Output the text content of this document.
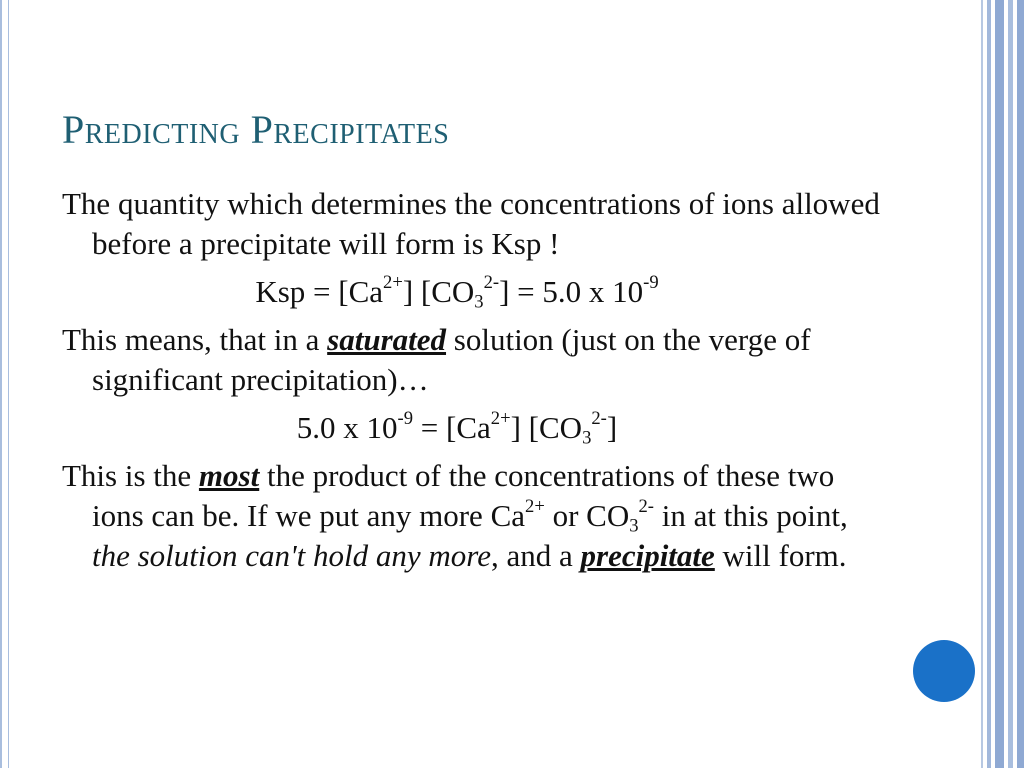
Predicting Precipitates

The quantity which determines the concentrations of ions allowed before a precipitate will form is Ksp !

Ksp = $[Ca^{2+}] [CO_3^{2-}] = 5.0$ x $10^{-9}$

This means, that in a saturated solution (just on the verge of significant precipitation)…

5.0 x $10^{-9} = [Ca^{2+}]$ $[CO_3^{2-}]$

This is the most the product of the concentrations of these two ions can be. If we put any more $Ca^{2+}$ or $CO_3^{2-}$ in at this point, the solution can't hold any more, and a precipitate will form.
